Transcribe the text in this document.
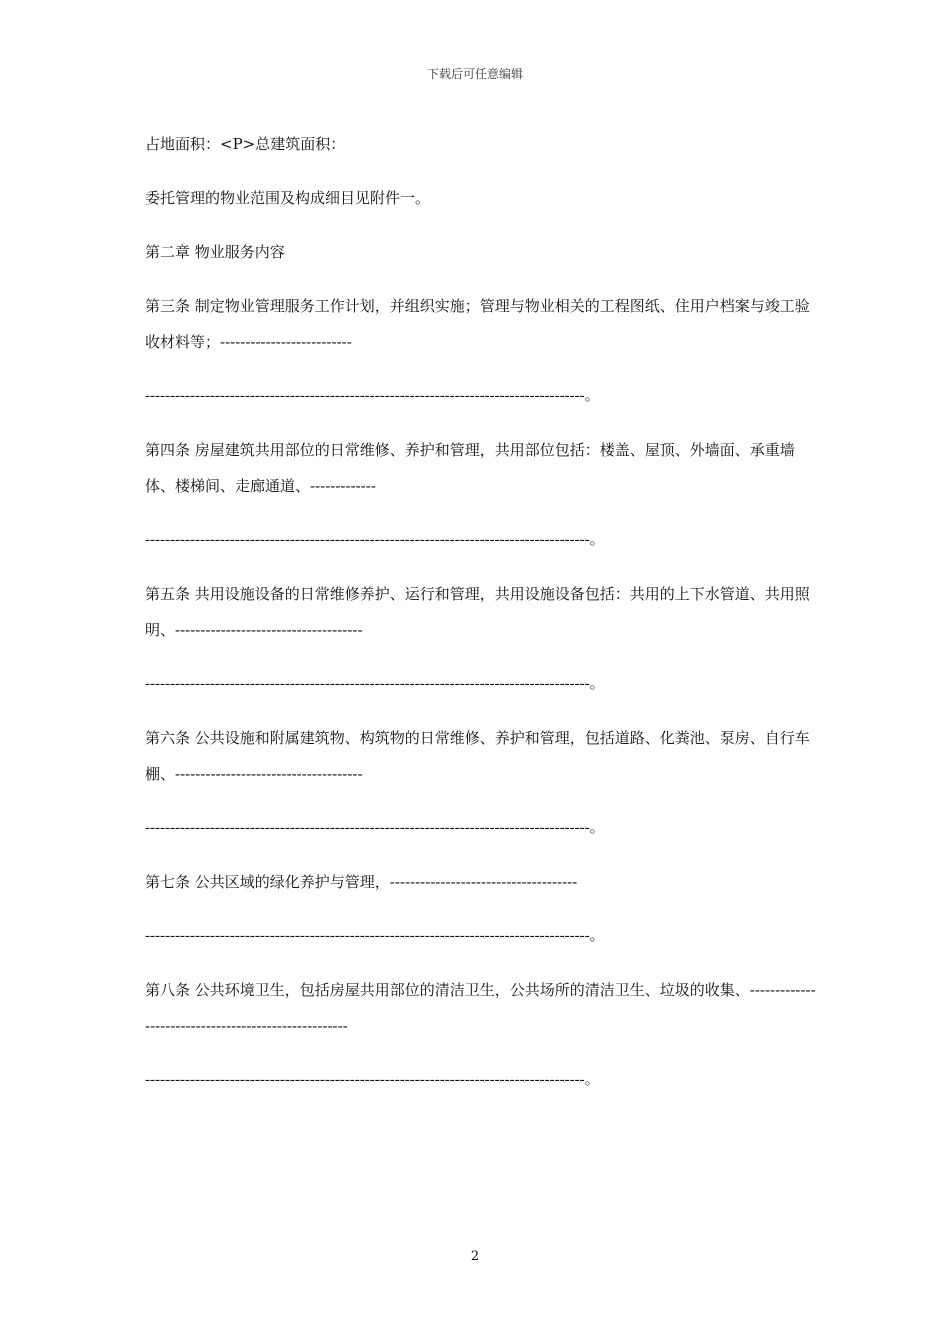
下载后可任意编辑

占地面积：<P>总建筑面积：

委托管理的物业范围及构成细目见附件一。

第二章 物业服务内容

第三条 制定物业管理服务工作计划，并组织实施；管理与物业相关的工程图纸、住用户档案与竣工验收材料等；--------------------------

----------------------------------------------------------------------------------------。

第四条 房屋建筑共用部位的日常维修、养护和管理，共用部位包括：楼盖、屋顶、外墙面、承重墙体、楼梯间、走廊通道、-------------

-----------------------------------------------------------------------------------------。

第五条 共用设施设备的日常维修养护、运行和管理，共用设施设备包括：共用的上下水管道、共用照明、-------------------------------------

-----------------------------------------------------------------------------------------。

第六条 公共设施和附属建筑物、构筑物的日常维修、养护和管理，包括道路、化粪池、泵房、自行车棚、-------------------------------------

-----------------------------------------------------------------------------------------。

第七条 公共区域的绿化养护与管理，-------------------------------------

-----------------------------------------------------------------------------------------。

第八条 公共环境卫生，包括房屋共用部位的清洁卫生，公共场所的清洁卫生、垃圾的收集、-----------------------------------------------------

----------------------------------------------------------------------------------------。

2
